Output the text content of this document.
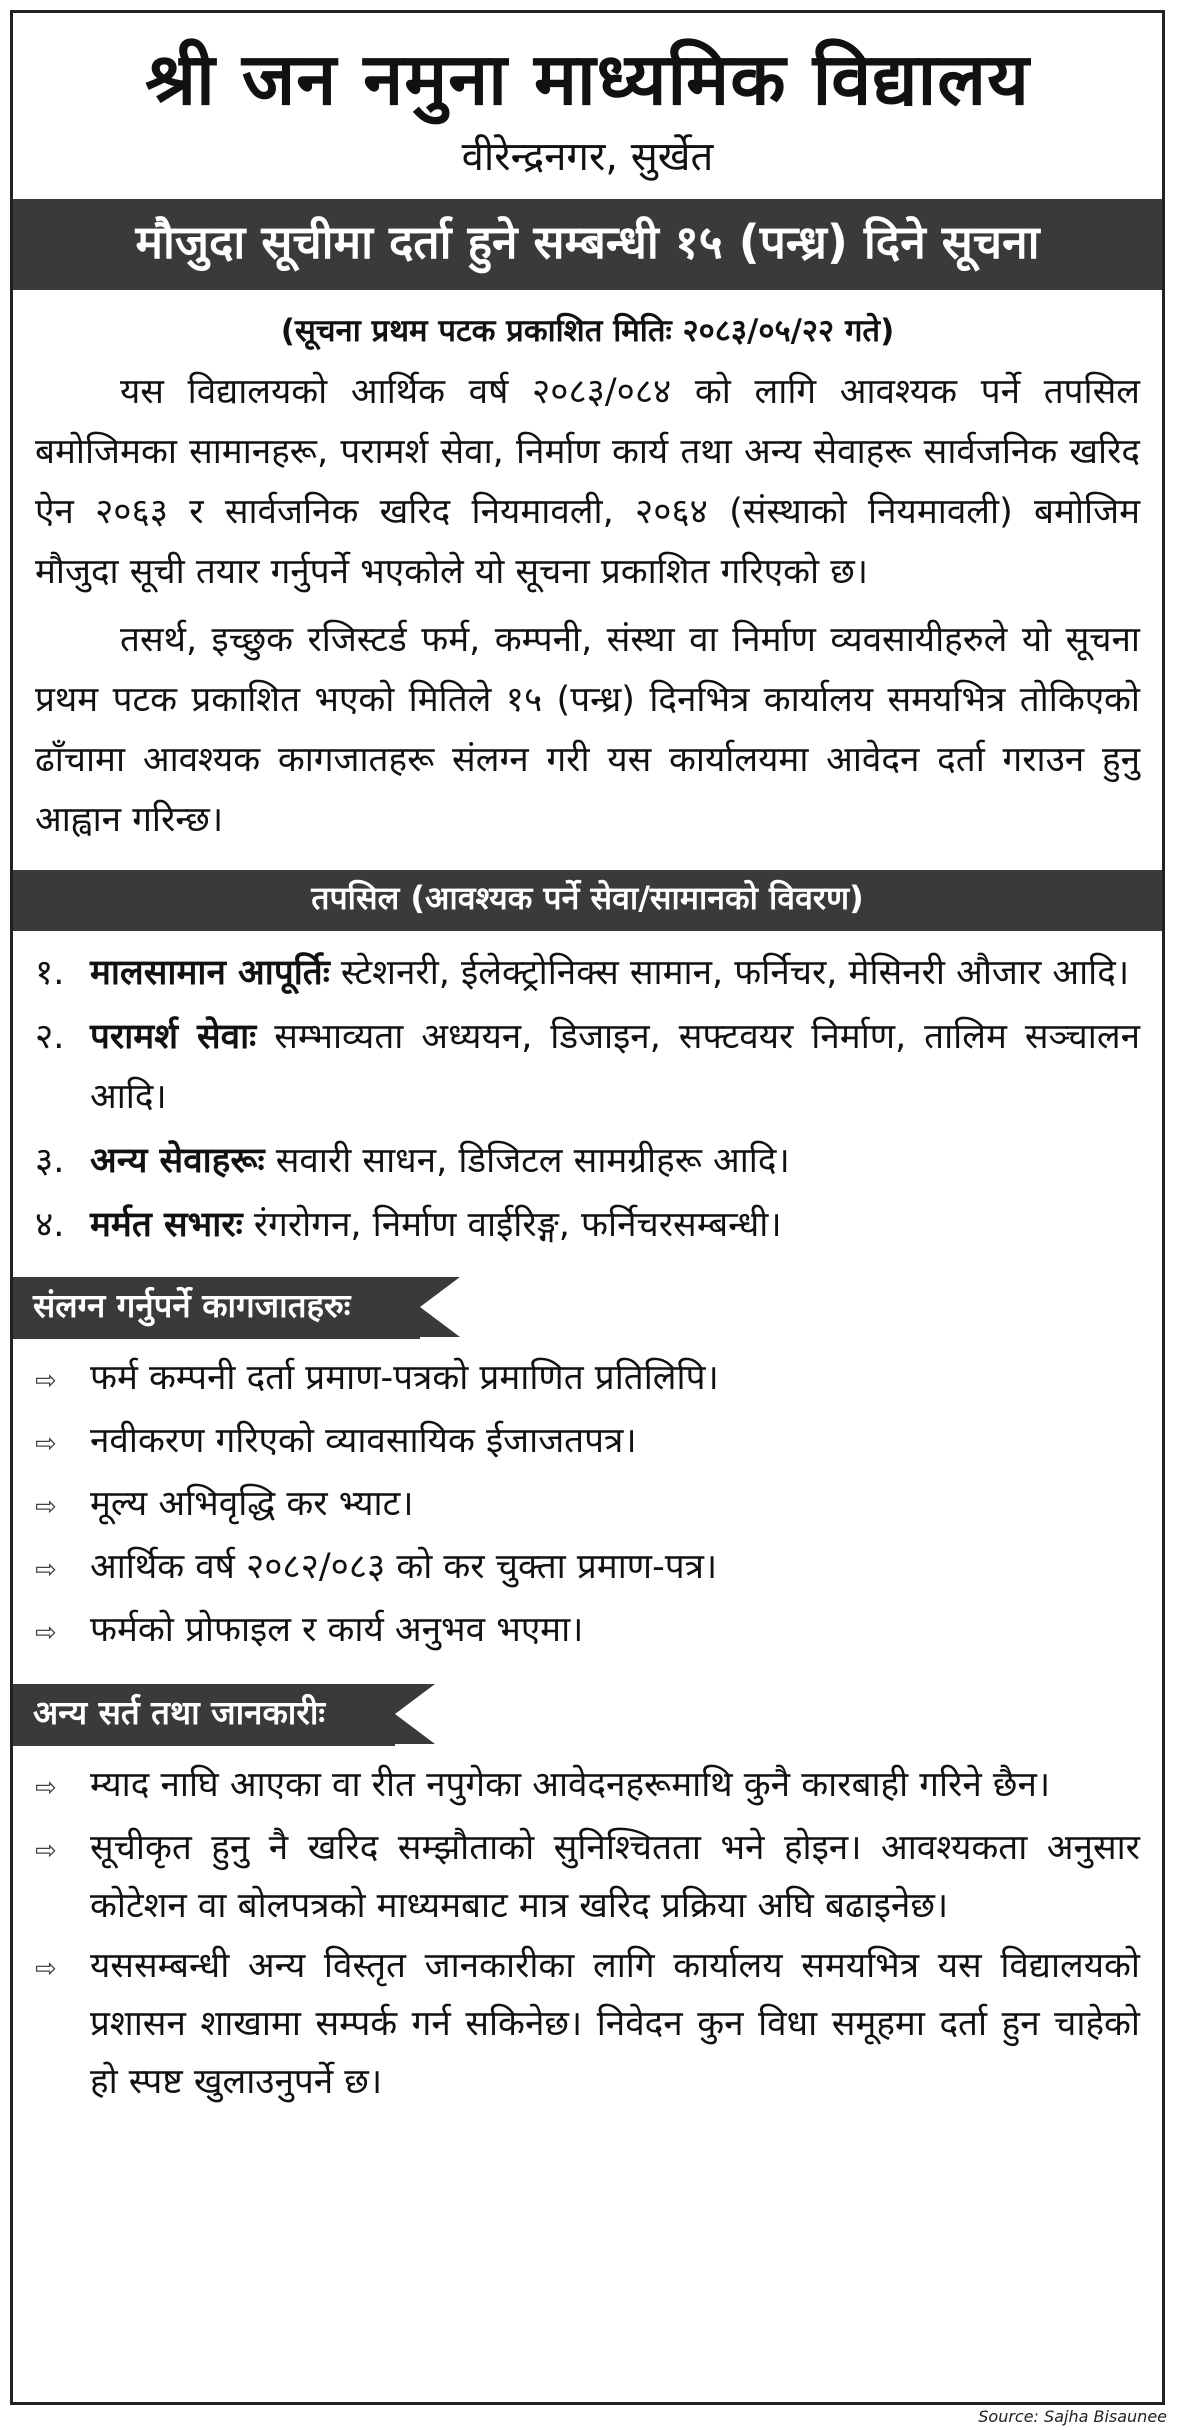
श्री जन नमुना माध्यमिक विद्यालय
वीरेन्द्रनगर, सुर्खेत
मौजुदा सूचीमा दर्ता हुने सम्बन्धी १५ (पन्ध्र) दिने सूचना
(सूचना प्रथम पटक प्रकाशित मितिः २०८३/०५/२२ गते)

यस विद्यालयको आर्थिक वर्ष २०८३/०८४ को लागि आवश्यक पर्ने तपसिल बमोजिमका सामानहरू, परामर्श सेवा, निर्माण कार्य तथा अन्य सेवाहरू सार्वजनिक खरिद ऐन २०६३ र सार्वजनिक खरिद नियमावली, २०६४ (संस्थाको नियमावली) बमोजिम मौजुदा सूची तयार गर्नुपर्ने भएकोले यो सूचना प्रकाशित गरिएको छ।

तसर्थ, इच्छुक रजिस्टर्ड फर्म, कम्पनी, संस्था वा निर्माण व्यवसायीहरुले यो सूचना प्रथम पटक प्रकाशित भएको मितिले १५ (पन्ध्र) दिनभित्र कार्यालय समयभित्र तोकिएको ढाँचामा आवश्यक कागजातहरू संलग्न गरी यस कार्यालयमा आवेदन दर्ता गराउन हुनु आह्वान गरिन्छ।

तपसिल (आवश्यक पर्ने सेवा/सामानको विवरण)
१. मालसामान आपूर्तिः स्टेशनरी, ईलेक्ट्रोनिक्स सामान, फर्निचर, मेसिनरी औजार आदि।
२. परामर्श सेवाः सम्भाव्यता अध्ययन, डिजाइन, सफ्टवयर निर्माण, तालिम सञ्चालन आदि।
३. अन्य सेवाहरूः सवारी साधन, डिजिटल सामग्रीहरू आदि।
४. मर्मत सभारः रंगरोगन, निर्माण वाईरिङ्ग, फर्निचरसम्बन्धी।
संलग्न गर्नुपर्ने कागजातहरुः
⇨ फर्म कम्पनी दर्ता प्रमाण-पत्रको प्रमाणित प्रतिलिपि।
⇨ नवीकरण गरिएको व्यावसायिक ईजाजतपत्र।
⇨ मूल्य अभिवृद्धि कर भ्याट।
⇨ आर्थिक वर्ष २०८२/०८३ को कर चुक्ता प्रमाण-पत्र।
⇨ फर्मको प्रोफाइल र कार्य अनुभव भएमा।
अन्य सर्त तथा जानकारीः
⇨ म्याद नाघि आएका वा रीत नपुगेका आवेदनहरूमाथि कुनै कारबाही गरिने छैन।
⇨ सूचीकृत हुनु नै खरिद सम्झौताको सुनिश्चितता भने होइन। आवश्यकता अनुसार कोटेशन वा बोलपत्रको माध्यमबाट मात्र खरिद प्रक्रिया अघि बढाइनेछ।
⇨ यससम्बन्धी अन्य विस्तृत जानकारीका लागि कार्यालय समयभित्र यस विद्यालयको प्रशासन शाखामा सम्पर्क गर्न सकिनेछ। निवेदन कुन विधा समूहमा दर्ता हुन चाहेको हो स्पष्ट खुलाउनुपर्ने छ।
Source: Sajha Bisaunee
